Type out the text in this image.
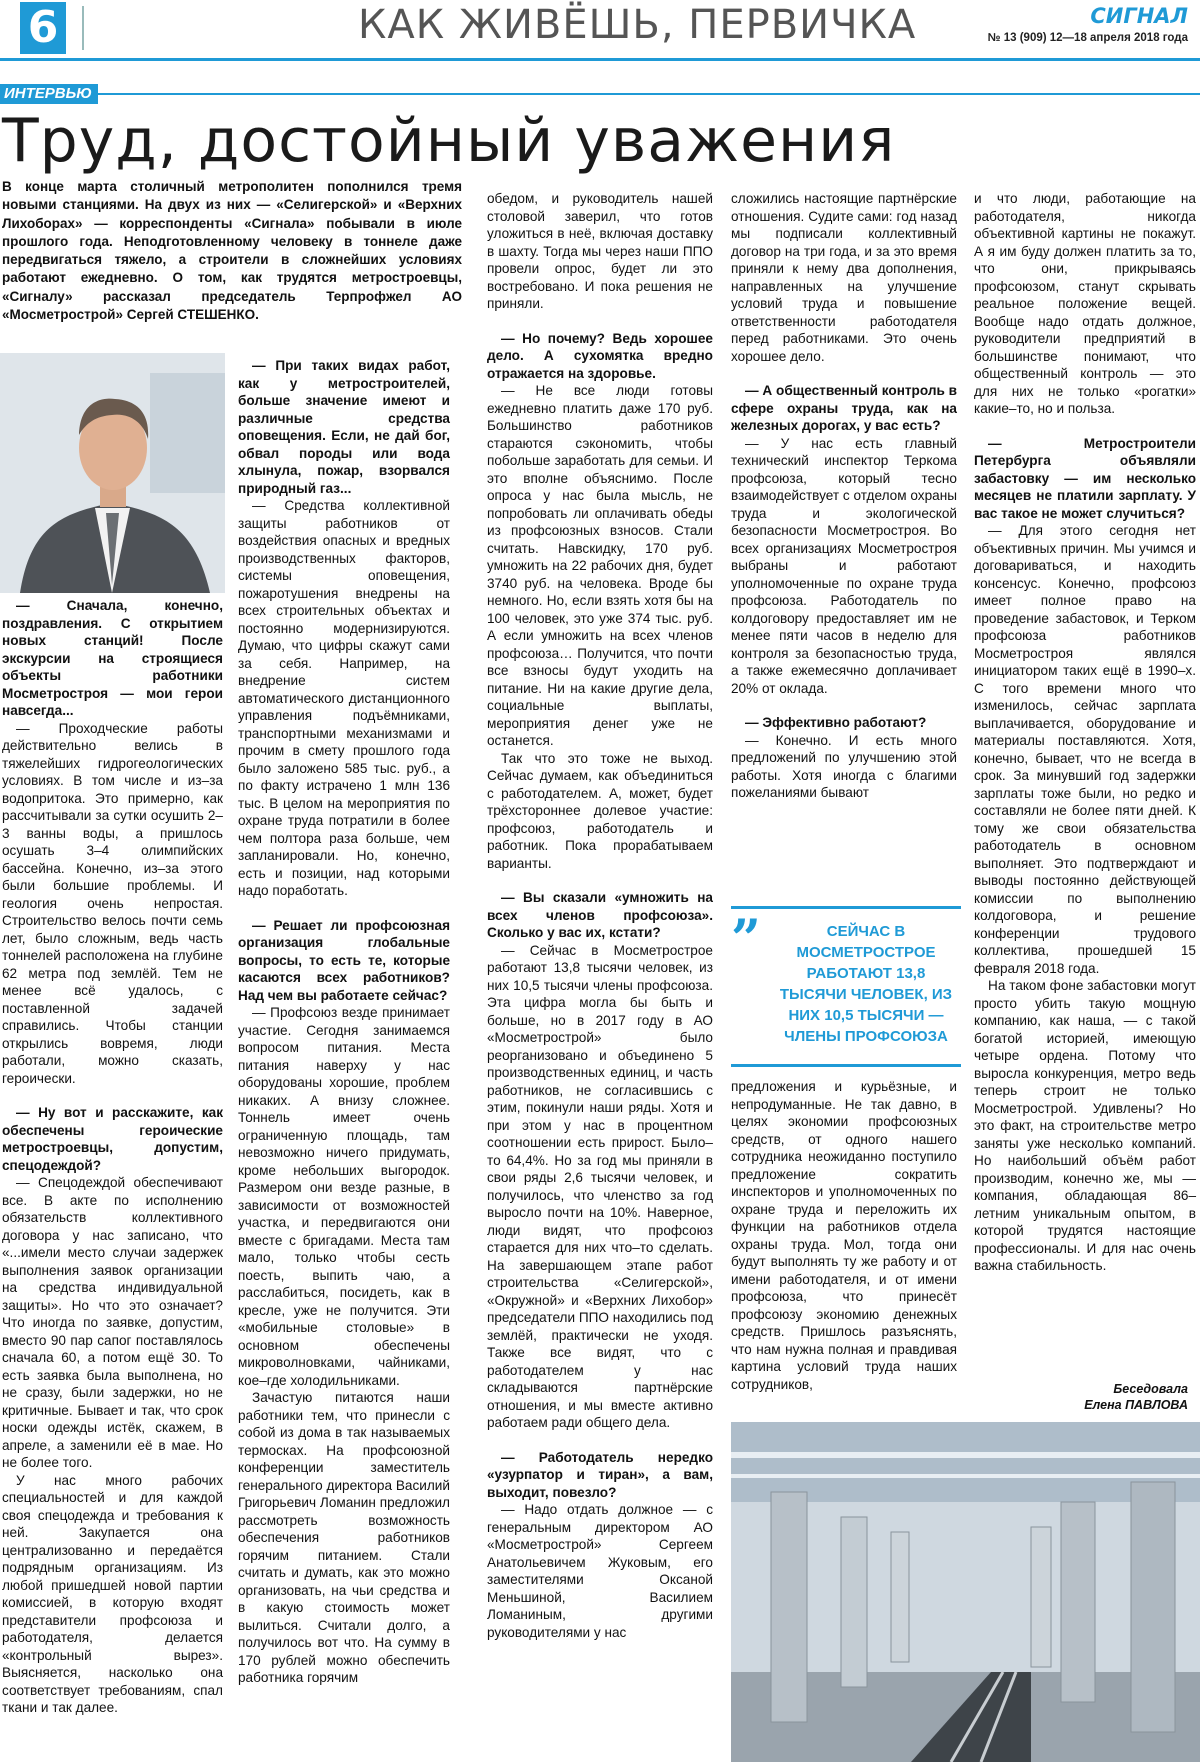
6	КАК ЖИВЁШЬ, ПЕРВИЧКА	СИГНАЛ
№ 13 (909) 12—18 апреля 2018 года
ИНТЕРВЬЮ
Труд, достойный уважения

В конце марта столичный метрополитен пополнился тремя новыми станциями. На двух из них — «Селигерской» и «Верхних Лихоборах» — корреспонденты «Сигнала» побывали в июле прошлого года. Неподготовленному человеку в тоннеле даже передвигаться тяжело, а строители в сложнейших условиях работают ежедневно. О том, как трудятся метростроевцы, «Сигналу» рассказал председатель Терпрофжел АО «Мосметрострой» Сергей СТЕШЕНКО.

— Сначала, конечно, поздравления. С открытием новых станций! После экскурсии на строящиеся объекты работники Мосметростроя — мои герои навсегда...

— Проходческие работы действительно велись в тяжелейших гидрогеологических условиях. В том числе и из–за водопритока. Это примерно, как рассчитывали за сутки осушить 2–3 ванны воды, а пришлось осушать 3–4 олимпийских бассейна. Конечно, из–за этого были большие проблемы. И геология очень непростая. Строительство велось почти семь лет, было сложным, ведь часть тоннелей расположена на глубине 62 метра под землёй. Тем не менее всё удалось, с поставленной задачей справились. Чтобы станции открылись вовремя, люди работали, можно сказать, героически.

— Ну вот и расскажите, как обеспечены героические метростроевцы, допустим, спецодеждой?

— Спецодеждой обеспечивают все. В акте по исполнению обязательств коллективного договора у нас записано, что «...имели место случаи задержек выполнения заявок организации на средства индивидуальной защиты». Но что это означает? Что иногда по заявке, допустим, вместо 90 пар сапог поставлялось сначала 60, а потом ещё 30. То есть заявка была выполнена, но не сразу, были задержки, но не критичные. Бывает и так, что срок носки одежды истёк, скажем, в апреле, а заменили её в мае. Но не более того.

У нас много рабочих специальностей и для каждой своя спецодежда и требования к ней. Закупается она централизованно и передаётся подрядным организациям. Из любой пришедшей новой партии комиссией, в которую входят представители профсоюза и работодателя, делается «контрольный вырез». Выясняется, насколько она соответствует требованиям, спал ткани и так далее.

— При таких видах работ, как у метростроителей, больше значение имеют и различные средства оповещения. Если, не дай бог, обвал породы или вода хлынула, пожар, взорвался природный газ...

— Средства коллективной защиты работников от воздействия опасных и вредных производственных факторов, системы оповещения, пожаротушения внедрены на всех строительных объектах и постоянно модернизируются. Думаю, что цифры скажут сами за себя. Например, на внедрение систем автоматического дистанционного управления подъёмниками, транспортными механизмами и прочим в смету прошлого года было заложено 585 тыс. руб., а по факту истрачено 1 млн 136 тыс. В целом на мероприятия по охране труда потратили в более чем полтора раза больше, чем запланировали. Но, конечно, есть и позиции, над которыми надо поработать.

— Решает ли профсоюзная организация глобальные вопросы, то есть те, которые касаются всех работников? Над чем вы работаете сейчас?

— Профсоюз везде принимает участие. Сегодня занимаемся вопросом питания. Места питания наверху у нас оборудованы хорошие, проблем никаких. А внизу сложнее. Тоннель имеет очень ограниченную площадь, там невозможно ничего придумать, кроме небольших выгородок. Размером они везде разные, в зависимости от возможностей участка, и передвигаются они вместе с бригадами. Места там мало, только чтобы сесть поесть, выпить чаю, а расслабиться, посидеть, как в кресле, уже не получится. Эти «мобильные столовые» в основном обеспечены микроволновками, чайниками, кое–где холодильниками.

Зачастую питаются наши работники тем, что принесли с собой из дома в так называемых термосках. На профсоюзной конференции заместитель генерального директора Василий Григорьевич Ломанин предложил рассмотреть возможность обеспечения работников горячим питанием. Стали считать и думать, как это можно организовать, на чьи средства и в какую стоимость может вылиться. Считали долго, а получилось вот что. На сумму в 170 рублей можно обеспечить работника горячим

обедом, и руководитель нашей столовой заверил, что готов уложиться в неё, включая доставку в шахту. Тогда мы через наши ППО провели опрос, будет ли это востребовано. И пока решения не приняли.

— Но почему? Ведь хорошее дело. А сухомятка вредно отражается на здоровье.

— Не все люди готовы ежедневно платить даже 170 руб. Большинство работников стараются сэкономить, чтобы побольше заработать для семьи. И это вполне объяснимо. После опроса у нас была мысль, не попробовать ли оплачивать обеды из профсоюзных взносов. Стали считать. Навскидку, 170 руб. умножить на 22 рабочих дня, будет 3740 руб. на человека. Вроде бы немного. Но, если взять хотя бы на 100 человек, это уже 374 тыс. руб. А если умножить на всех членов профсоюза… Получится, что почти все взносы будут уходить на питание. Ни на какие другие дела, социальные выплаты, мероприятия денег уже не останется.

Так что это тоже не выход. Сейчас думаем, как объединиться с работодателем. А, может, будет трёхстороннее долевое участие: профсоюз, работодатель и работник. Пока прорабатываем варианты.

— Вы сказали «умножить на всех членов профсоюза». Сколько у вас их, кстати?

— Сейчас в Мосметрострое работают 13,8 тысячи человек, из них 10,5 тысячи члены профсоюза. Эта цифра могла бы быть и больше, но в 2017 году в АО «Мосметрострой» было реорганизовано и объединено 5 производственных единиц, и часть работников, не согласившись с этим, покинули наши ряды. Хотя и при этом у нас в процентном соотношении есть прирост. Было–то 64,4%. Но за год мы приняли в свои ряды 2,6 тысячи человек, и получилось, что членство за год выросло почти на 10%. Наверное, люди видят, что профсоюз старается для них что–то сделать. На завершающем этапе работ строительства «Селигерской», «Окружной» и «Верхних Лихобор» председатели ППО находились под землёй, практически не уходя. Также все видят, что с работодателем у нас складываются партнёрские отношения, и мы вместе активно работаем ради общего дела.

— Работодатель нередко «узурпатор и тиран», а вам, выходит, повезло?

— Надо отдать должное — с генеральным директором АО «Мосметрострой» Сергеем Анатольевичем Жуковым, его заместителями Оксаной Меньшиной, Василием Ломаниным, другими руководителями у нас

сложились настоящие партнёрские отношения. Судите сами: год назад мы подписали коллективный договор на три года, и за это время приняли к нему два дополнения, направленных на улучшение условий труда и повышение ответственности работодателя перед работниками. Это очень хорошее дело.

— А общественный контроль в сфере охраны труда, как на железных дорогах, у вас есть?

— У нас есть главный технический инспектор Теркома профсоюза, который тесно взаимодействует с отделом охраны труда и экологической безопасности Мосметростроя. Во всех организациях Мосметростроя выбраны и работают уполномоченные по охране труда профсоюза. Работодатель по колдоговору предоставляет им не менее пяти часов в неделю для контроля за безопасностью труда, а также ежемесячно доплачивает 20% от оклада.

— Эффективно работают?

— Конечно. И есть много предложений по улучшению этой работы. Хотя иногда с благими пожеланиями бывают

”	СЕЙЧАС В МОСМЕТРОСТРОЕ РАБОТАЮТ 13,8 ТЫСЯЧИ ЧЕЛОВЕК, ИЗ НИХ 10,5 ТЫСЯЧИ — ЧЛЕНЫ ПРОФСОЮЗА

предложения и курьёзные, и непродуманные. Не так давно, в целях экономии профсоюзных средств, от одного нашего сотрудника неожиданно поступило предложение сократить инспекторов и уполномоченных по охране труда и переложить их функции на работников отдела охраны труда. Мол, тогда они будут выполнять ту же работу и от имени работодателя, и от имени профсоюза, что принесёт профсоюзу экономию денежных средств. Пришлось разъяснять, что нам нужна полная и правдивая картина условий труда наших сотрудников,

и что люди, работающие на работодателя, никогда объективной картины не покажут. А я им буду должен платить за то, что они, прикрываясь профсоюзом, станут скрывать реальное положение вещей. Вообще надо отдать должное, руководители предприятий в большинстве понимают, что общественный контроль — это для них не только «рогатки» какие–то, но и польза.

— Метростроители Петербурга объявляли забастовку — им несколько месяцев не платили зарплату. У вас такое не может случиться?

— Для этого сегодня нет объективных причин. Мы учимся и договариваться, и находить консенсус. Конечно, профсоюз имеет полное право на проведение забастовок, и Терком профсоюза работников Мосметростроя являлся инициатором таких ещё в 1990–х. С того времени много что изменилось, сейчас зарплата выплачивается, оборудование и материалы поставляются. Хотя, конечно, бывает, что не всегда в срок. За минувший год задержки зарплаты тоже были, но редко и составляли не более пяти дней. К тому же свои обязательства работодатель в основном выполняет. Это подтверждают и выводы постоянно действующей комиссии по выполнению колдоговора, и решение конференции трудового коллектива, прошедшей 15 февраля 2018 года.

На таком фоне забастовки могут просто убить такую мощную компанию, как наша, — с такой богатой историей, имеющую четыре ордена. Потому что выросла конкуренция, метро ведь теперь строит не только Мосметрострой. Удивлены? Но это факт, на строительстве метро заняты уже несколько компаний. Но наибольший объём работ производим, конечно же, мы — компания, обладающая 86–летним уникальным опытом, в которой трудятся настоящие профессионалы. И для нас очень важна стабильность.

Беседовала
Елена ПАВЛОВА
